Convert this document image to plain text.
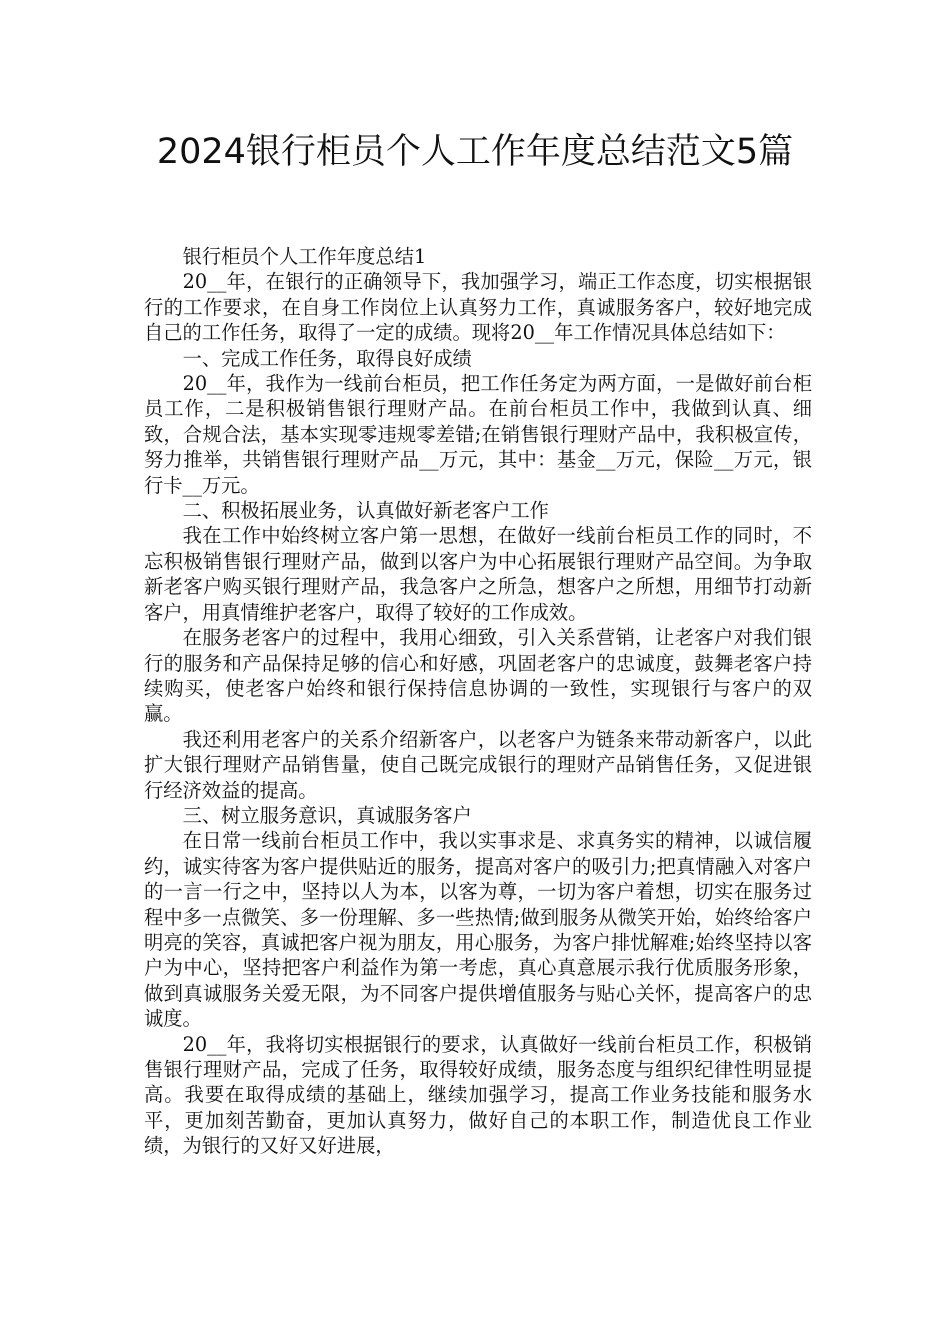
2024银行柜员个人工作年度总结范文5篇

银行柜员个人工作年度总结1

20__年，在银行的正确领导下，我加强学习，端正工作态度，切实根据银行的工作要求，在自身工作岗位上认真努力工作，真诚服务客户，较好地完成自己的工作任务，取得了一定的成绩。现将20__年工作情况具体总结如下：

一、完成工作任务，取得良好成绩

20__年，我作为一线前台柜员，把工作任务定为两方面，一是做好前台柜员工作，二是积极销售银行理财产品。在前台柜员工作中，我做到认真、细致，合规合法，基本实现零违规零差错;在销售银行理财产品中，我积极宣传，努力推举，共销售银行理财产品__万元，其中：基金__万元，保险__万元，银行卡__万元。

二、积极拓展业务，认真做好新老客户工作

我在工作中始终树立客户第一思想，在做好一线前台柜员工作的同时，不忘积极销售银行理财产品，做到以客户为中心拓展银行理财产品空间。为争取新老客户购买银行理财产品，我急客户之所急，想客户之所想，用细节打动新客户，用真情维护老客户，取得了较好的工作成效。

在服务老客户的过程中，我用心细致，引入关系营销，让老客户对我们银行的服务和产品保持足够的信心和好感，巩固老客户的忠诚度，鼓舞老客户持续购买，使老客户始终和银行保持信息协调的一致性，实现银行与客户的双赢。

我还利用老客户的关系介绍新客户，以老客户为链条来带动新客户，以此扩大银行理财产品销售量，使自己既完成银行的理财产品销售任务，又促进银行经济效益的提高。

三、树立服务意识，真诚服务客户

在日常一线前台柜员工作中，我以实事求是、求真务实的精神，以诚信履约，诚实待客为客户提供贴近的服务，提高对客户的吸引力;把真情融入对客户的一言一行之中，坚持以人为本，以客为尊，一切为客户着想，切实在服务过程中多一点微笑、多一份理解、多一些热情;做到服务从微笑开始，始终给客户明亮的笑容，真诚把客户视为朋友，用心服务，为客户排忧解难;始终坚持以客户为中心，坚持把客户利益作为第一考虑，真心真意展示我行优质服务形象，做到真诚服务关爱无限，为不同客户提供增值服务与贴心关怀，提高客户的忠诚度。

20__年，我将切实根据银行的要求，认真做好一线前台柜员工作，积极销售银行理财产品，完成了任务，取得较好成绩，服务态度与组织纪律性明显提高。我要在取得成绩的基础上，继续加强学习，提高工作业务技能和服务水平，更加刻苦勤奋，更加认真努力，做好自己的本职工作，制造优良工作业绩，为银行的又好又好进展，
